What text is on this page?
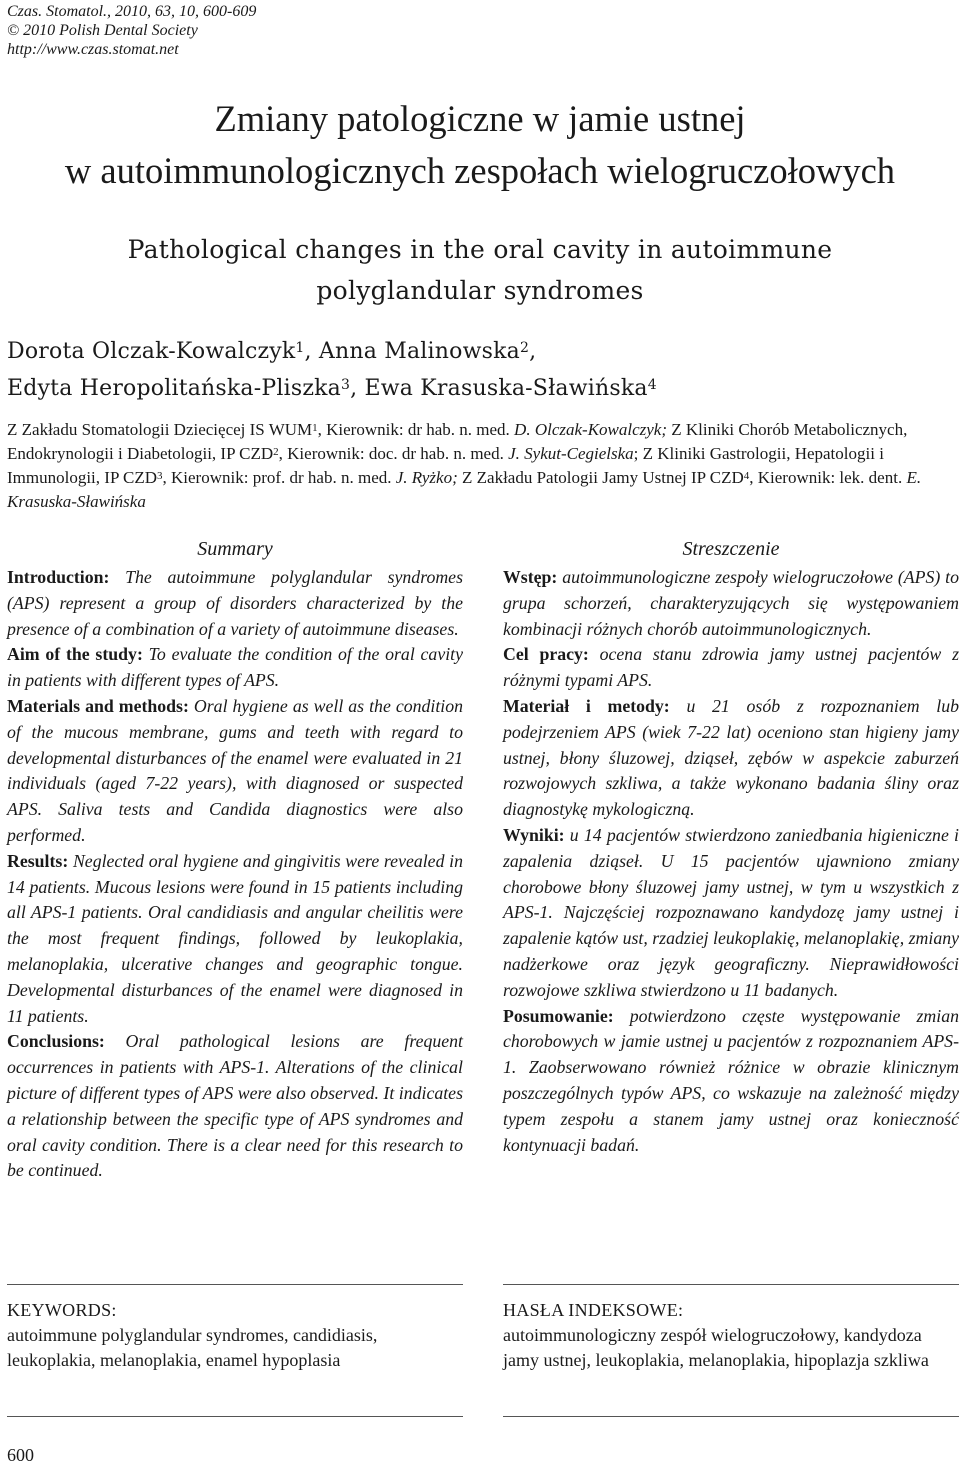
Czas. Stomatol., 2010, 63, 10, 600-609
© 2010 Polish Dental Society
http://www.czas.stomat.net
Zmiany patologiczne w jamie ustnej
w autoimmunologicznych zespołach wielogruczołowych
Pathological changes in the oral cavity in autoimmune
polyglandular syndromes
Dorota Olczak-Kowalczyk$^1$, Anna Malinowska$^2$,
Edyta Heropolitańska-Pliszka$^3$, Ewa Krasuska-Sławińska$^4$
Z Zakładu Stomatologii Dziecięcej IS WUM$^1$, Kierownik: dr hab. n. med. D. Olczak-Kowalczyk; Z Kliniki Chorób Metabolicznych, Endokrynologii i Diabetologii, IP CZD$^2$, Kierownik: doc. dr hab. n. med. J. Sykut-Cegielska; Z Kliniki Gastrologii, Hepatologii i Immunologii, IP CZD$^3$, Kierownik: prof. dr hab. n. med. J. Ryżko; Z Zakładu Patologii Jamy Ustnej IP CZD$^4$, Kierownik: lek. dent. E. Krasuska-Sławińska
Summary

Introduction: The autoimmune polyglandular syndromes (APS) represent a group of disorders characterized by the presence of a combination of a variety of autoimmune diseases.

Aim of the study: To evaluate the condition of the oral cavity in patients with different types of APS.

Materials and methods: Oral hygiene as well as the condition of the mucous membrane, gums and teeth with regard to developmental disturbances of the enamel were evaluated in 21 individuals (aged 7-22 years), with diagnosed or suspected APS. Saliva tests and Candida diagnostics were also performed.

Results: Neglected oral hygiene and gingivitis were revealed in 14 patients. Mucous lesions were found in 15 patients including all APS-1 patients. Oral candidiasis and angular cheilitis were the most frequent findings, followed by leukoplakia, melanoplakia, ulcerative changes and geographic tongue. Developmental disturbances of the enamel were diagnosed in 11 patients.

Conclusions: Oral pathological lesions are frequent occurrences in patients with APS-1. Alterations of the clinical picture of different types of APS were also observed. It indicates a relationship between the specific type of APS syndromes and oral cavity condition. There is a clear need for this research to be continued.

Streszczenie

Wstęp: autoimmunologiczne zespoły wielogruczołowe (APS) to grupa schorzeń, charakteryzujących się występowaniem kombinacji różnych chorób autoimmunologicznych.

Cel pracy: ocena stanu zdrowia jamy ustnej pacjentów z różnymi typami APS.

Materiał i metody: u 21 osób z rozpoznaniem lub podejrzeniem APS (wiek 7-22 lat) oceniono stan higieny jamy ustnej, błony śluzowej, dziąseł, zębów w aspekcie zaburzeń rozwojowych szkliwa, a także wykonano badania śliny oraz diagnostykę mykologiczną.

Wyniki: u 14 pacjentów stwierdzono zaniedbania higieniczne i zapalenia dziąseł. U 15 pacjentów ujawniono zmiany chorobowe błony śluzowej jamy ustnej, w tym u wszystkich z APS-1. Najczęściej rozpoznawano kandydozę jamy ustnej i zapalenie kątów ust, rzadziej leukoplakię, melanoplakię, zmiany nadżerkowe oraz język geograficzny. Nieprawidłowości rozwojowe szkliwa stwierdzono u 11 badanych.

Posumowanie: potwierdzono częste występowanie zmian chorobowych w jamie ustnej u pacjentów z rozpoznaniem APS-1. Zaobserwowano również różnice w obrazie klinicznym poszczególnych typów APS, co wskazuje na zależność między typem zespołu a stanem jamy ustnej oraz konieczność kontynuacji badań.

KEYWORDS:
autoimmune polyglandular syndromes, candidiasis, leukoplakia, melanoplakia, enamel hypoplasia
HASŁA INDEKSOWE:
autoimmunologiczny zespół wielogruczołowy, kandydoza jamy ustnej, leukoplakia, melanoplakia, hipoplazja szkliwa
600
